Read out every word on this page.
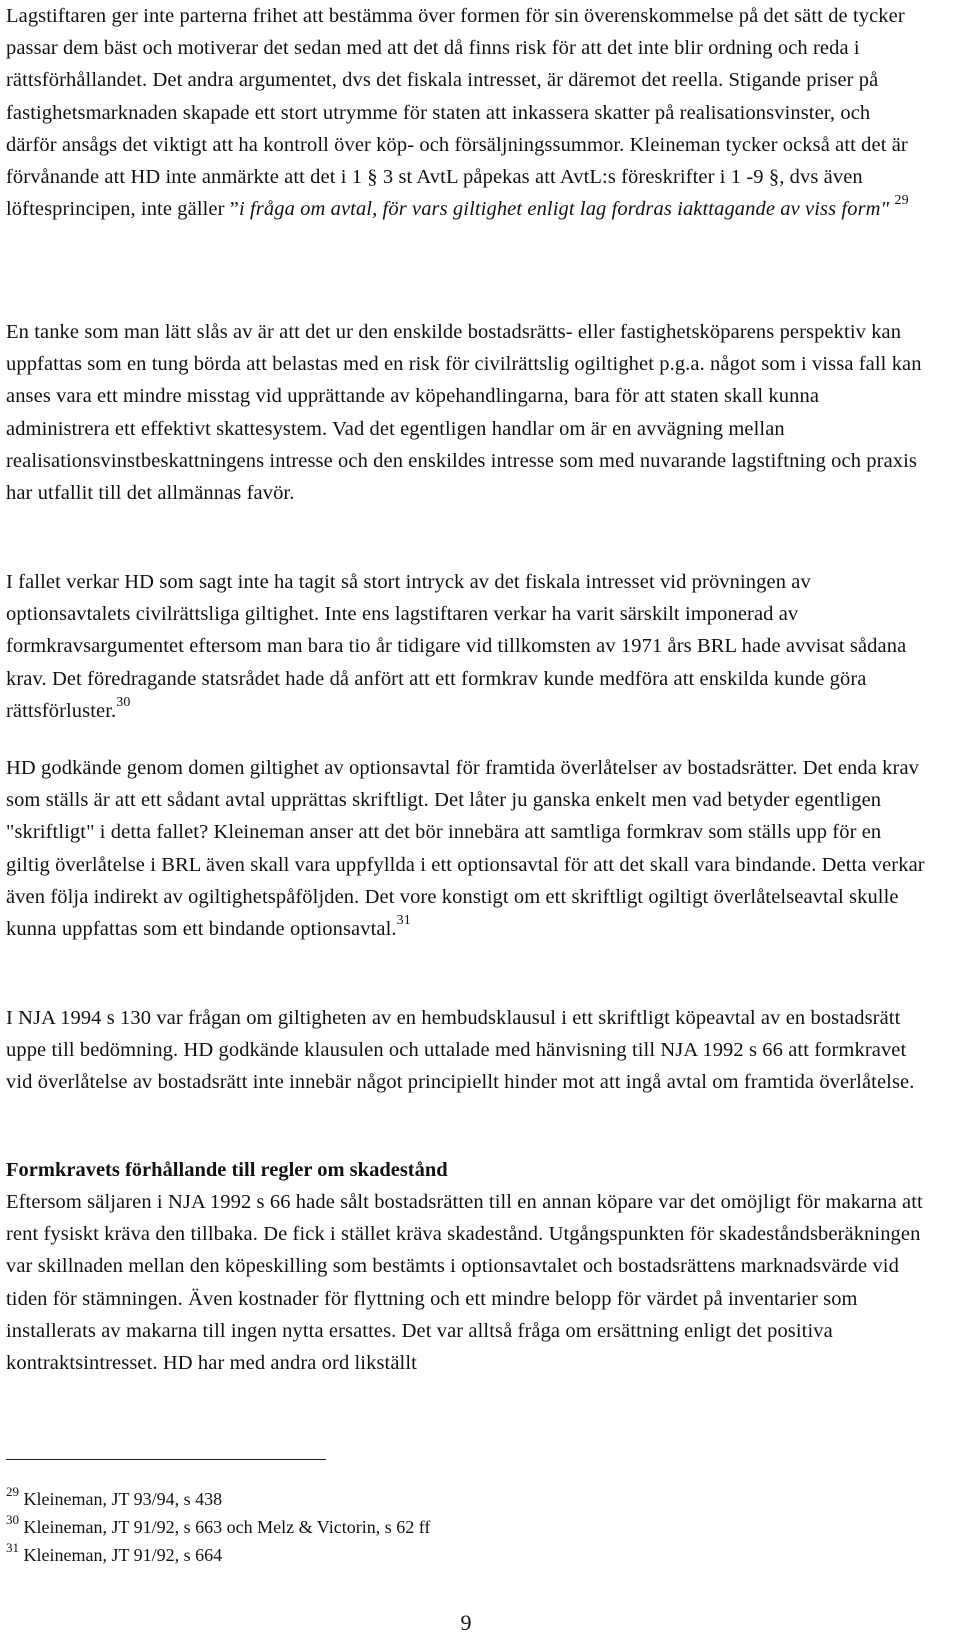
Lagstiftaren ger inte parterna frihet att bestämma över formen för sin överenskommelse på det sätt de tycker passar dem bäst och motiverar det sedan med att det då finns risk för att det inte blir ordning och reda i rättsförhållandet. Det andra argumentet, dvs det fiskala intresset, är däremot det reella. Stigande priser på fastighetsmarknaden skapade ett stort utrymme för staten att inkassera skatter på realisationsvinster, och därför ansågs det viktigt att ha kontroll över köp- och försäljningssummor. Kleineman tycker också att det är förvånande att HD inte anmärkte att det i 1 § 3 st AvtL påpekas att AvtL:s föreskrifter i 1 -9 §, dvs även löftesprincipen, inte gäller ”i fråga om avtal, för vars giltighet enligt lag fordras iakttagande av viss form" $^{29}$

En tanke som man lätt slås av är att det ur den enskilde bostadsrätts- eller fastighetsköparens perspektiv kan uppfattas som en tung börda att belastas med en risk för civilrättslig ogiltighet p.g.a. något som i vissa fall kan anses vara ett mindre misstag vid upprättande av köpehandlingarna, bara för att staten skall kunna administrera ett effektivt skattesystem. Vad det egentligen handlar om är en avvägning mellan realisationsvinstbeskattningens intresse och den enskildes intresse som med nuvarande lagstiftning och praxis har utfallit till det allmännas favör.

I fallet verkar HD som sagt inte ha tagit så stort intryck av det fiskala intresset vid prövningen av optionsavtalets civilrättsliga giltighet. Inte ens lagstiftaren verkar ha varit särskilt imponerad av formkravsargumentet eftersom man bara tio år tidigare vid tillkomsten av 1971 års BRL hade avvisat sådana krav. Det föredragande statsrådet hade då anfört att ett formkrav kunde medföra att enskilda kunde göra rättsförluster.$^{30}$

HD godkände genom domen giltighet av optionsavtal för framtida överlåtelser av bostadsrätter. Det enda krav som ställs är att ett sådant avtal upprättas skriftligt. Det låter ju ganska enkelt men vad betyder egentligen "skriftligt" i detta fallet? Kleineman anser att det bör innebära att samtliga formkrav som ställs upp för en giltig överlåtelse i BRL även skall vara uppfyllda i ett optionsavtal för att det skall vara bindande. Detta verkar även följa indirekt av ogiltighetspåföljden. Det vore konstigt om ett skriftligt ogiltigt överlåtelseavtal skulle kunna uppfattas som ett bindande optionsavtal.$^{31}$

I NJA 1994 s 130 var frågan om giltigheten av en hembudsklausul i ett skriftligt köpeavtal av en bostadsrätt uppe till bedömning. HD godkände klausulen och uttalade med hänvisning till NJA 1992 s 66 att formkravet vid överlåtelse av bostadsrätt inte innebär något principiellt hinder mot att ingå avtal om framtida överlåtelse.

Formkravets förhållande till regler om skadestånd

Eftersom säljaren i NJA 1992 s 66 hade sålt bostadsrätten till en annan köpare var det omöjligt för makarna att rent fysiskt kräva den tillbaka. De fick i stället kräva skadestånd. Utgångspunkten för skadeståndsberäkningen var skillnaden mellan den köpeskilling som bestämts i optionsavtalet och bostadsrättens marknadsvärde vid tiden för stämningen. Även kostnader för flyttning och ett mindre belopp för värdet på inventarier som installerats av makarna till ingen nytta ersattes. Det var alltså fråga om ersättning enligt det positiva kontraktsintresset. HD har med andra ord likställt

$^{29}$ Kleineman, JT 93/94, s 438

$^{30}$ Kleineman, JT 91/92, s 663 och Melz & Victorin, s 62 ff

$^{31}$ Kleineman, JT 91/92, s 664

9
